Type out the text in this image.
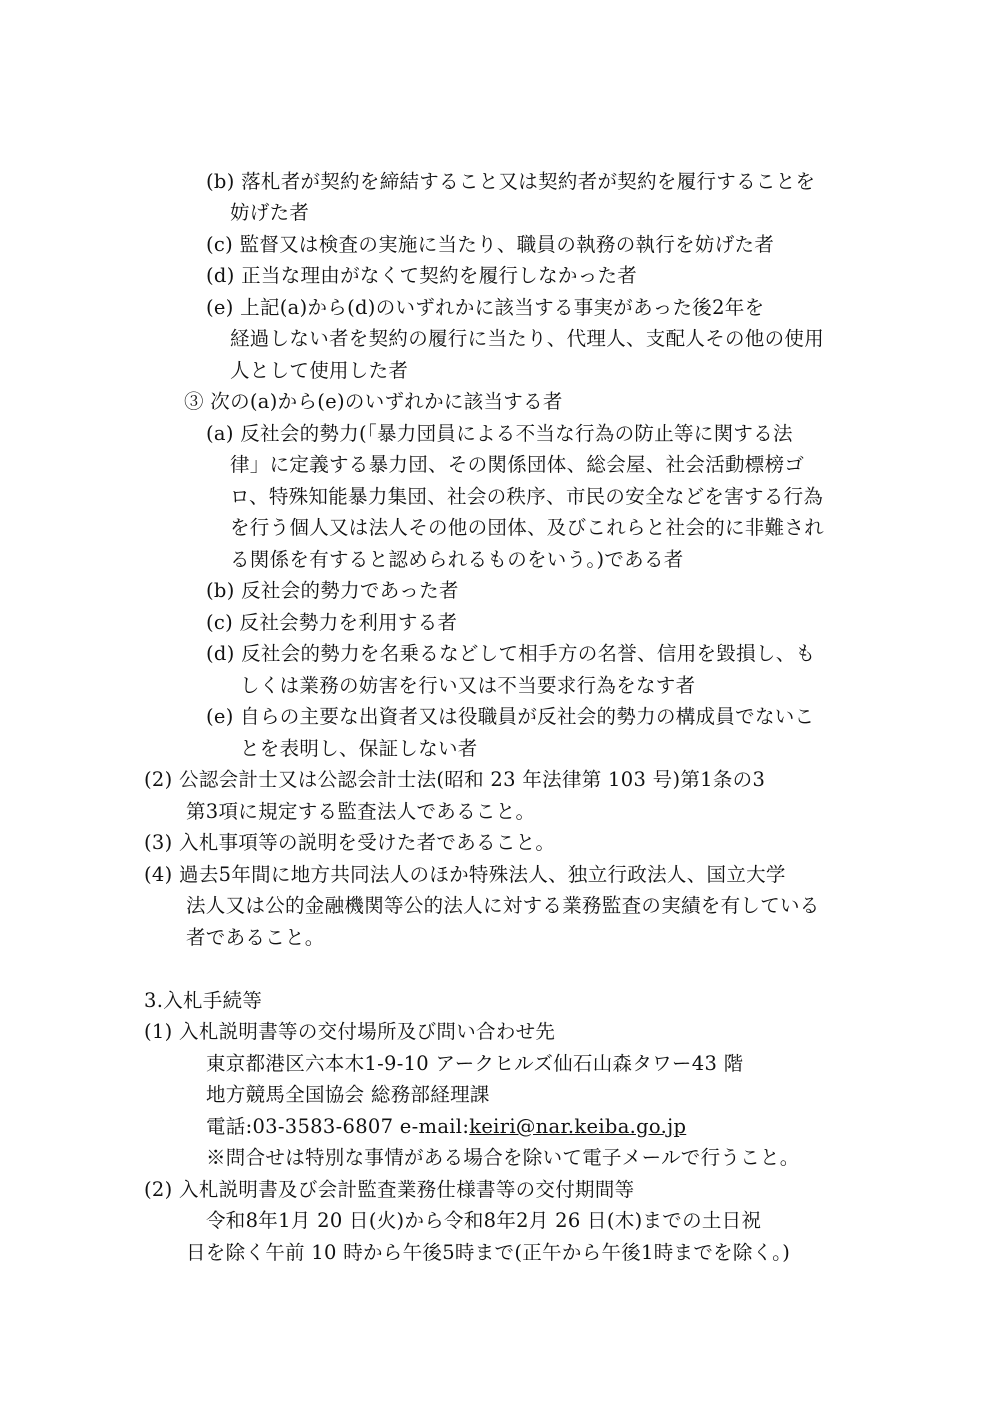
(b) 落札者が契約を締結すること又は契約者が契約を履行することを
妨げた者
(c) 監督又は検査の実施に当たり、職員の執務の執行を妨げた者
(d) 正当な理由がなくて契約を履行しなかった者
(e) 上記(a)から(d)のいずれかに該当する事実があった後2年を
経過しない者を契約の履行に当たり、代理人、支配人その他の使用
人として使用した者
③ 次の(a)から(e)のいずれかに該当する者
(a) 反社会的勢力(「暴力団員による不当な行為の防止等に関する法
律」に定義する暴力団、その関係団体、総会屋、社会活動標榜ゴ
ロ、特殊知能暴力集団、社会の秩序、市民の安全などを害する行為
を行う個人又は法人その他の団体、及びこれらと社会的に非難され
る関係を有すると認められるものをいう。)である者
(b) 反社会的勢力であった者
(c) 反社会勢力を利用する者
(d) 反社会的勢力を名乗るなどして相手方の名誉、信用を毀損し、も
しくは業務の妨害を行い又は不当要求行為をなす者
(e) 自らの主要な出資者又は役職員が反社会的勢力の構成員でないこ
とを表明し、保証しない者
(2) 公認会計士又は公認会計士法(昭和 23 年法律第 103 号)第1条の3
第3項に規定する監査法人であること。
(3) 入札事項等の説明を受けた者であること。
(4) 過去5年間に地方共同法人のほか特殊法人、独立行政法人、国立大学
法人又は公的金融機関等公的法人に対する業務監査の実績を有している
者であること。
3.入札手続等
(1) 入札説明書等の交付場所及び問い合わせ先
東京都港区六本木1-9-10 アークヒルズ仙石山森タワー43 階
地方競馬全国協会 総務部経理課
電話:03-3583-6807 e-mail:keiri@nar.keiba.go.jp
※問合せは特別な事情がある場合を除いて電子メールで行うこと。
(2) 入札説明書及び会計監査業務仕様書等の交付期間等
令和8年1月 20 日(火)から令和8年2月 26 日(木)までの土日祝
日を除く午前 10 時から午後5時まで(正午から午後1時までを除く。)
